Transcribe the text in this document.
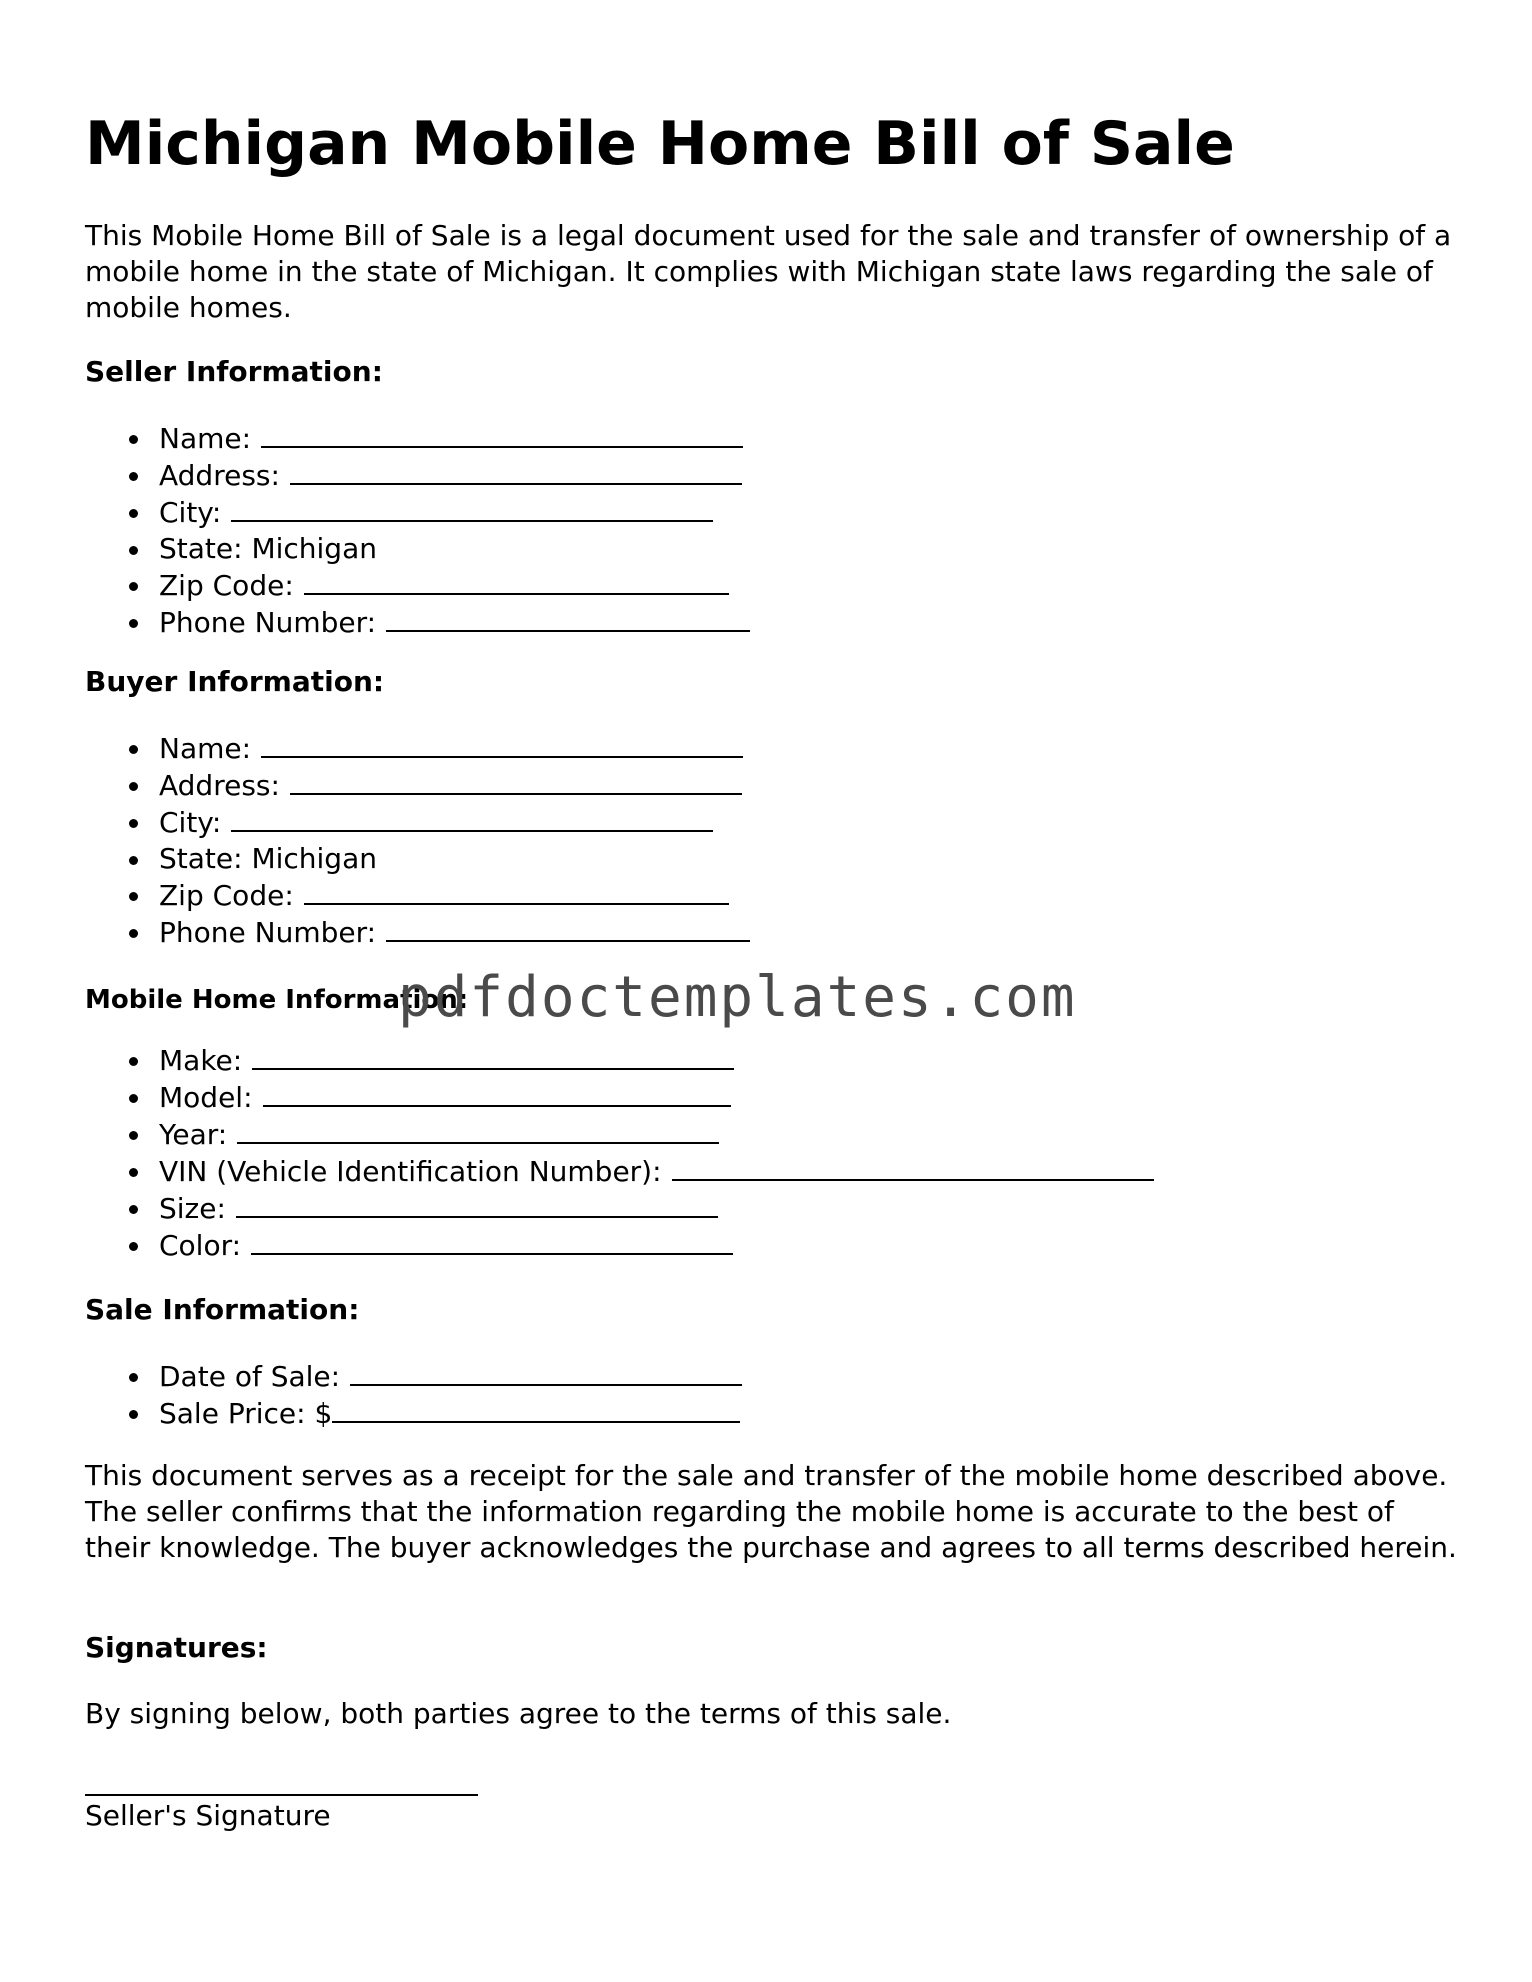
Michigan Mobile Home Bill of Sale

This Mobile Home Bill of Sale is a legal document used for the sale and transfer of ownership of a mobile home in the state of Michigan. It complies with Michigan state laws regarding the sale of mobile homes.

Seller Information:

Name:
Address:
City:
State: Michigan
Zip Code:
Phone Number:

Buyer Information:

Name:
Address:
City:
State: Michigan
Zip Code:
Phone Number:

Mobile Home Information:

Make:
Model:
Year:
VIN (Vehicle Identification Number):
Size:
Color:

Sale Information:

Date of Sale:
Sale Price: $

This document serves as a receipt for the sale and transfer of the mobile home described above. The seller confirms that the information regarding the mobile home is accurate to the best of their knowledge. The buyer acknowledges the purchase and agrees to all terms described herein.

Signatures:

By signing below, both parties agree to the terms of this sale.

Seller's Signature

pdfdoctemplates.com
